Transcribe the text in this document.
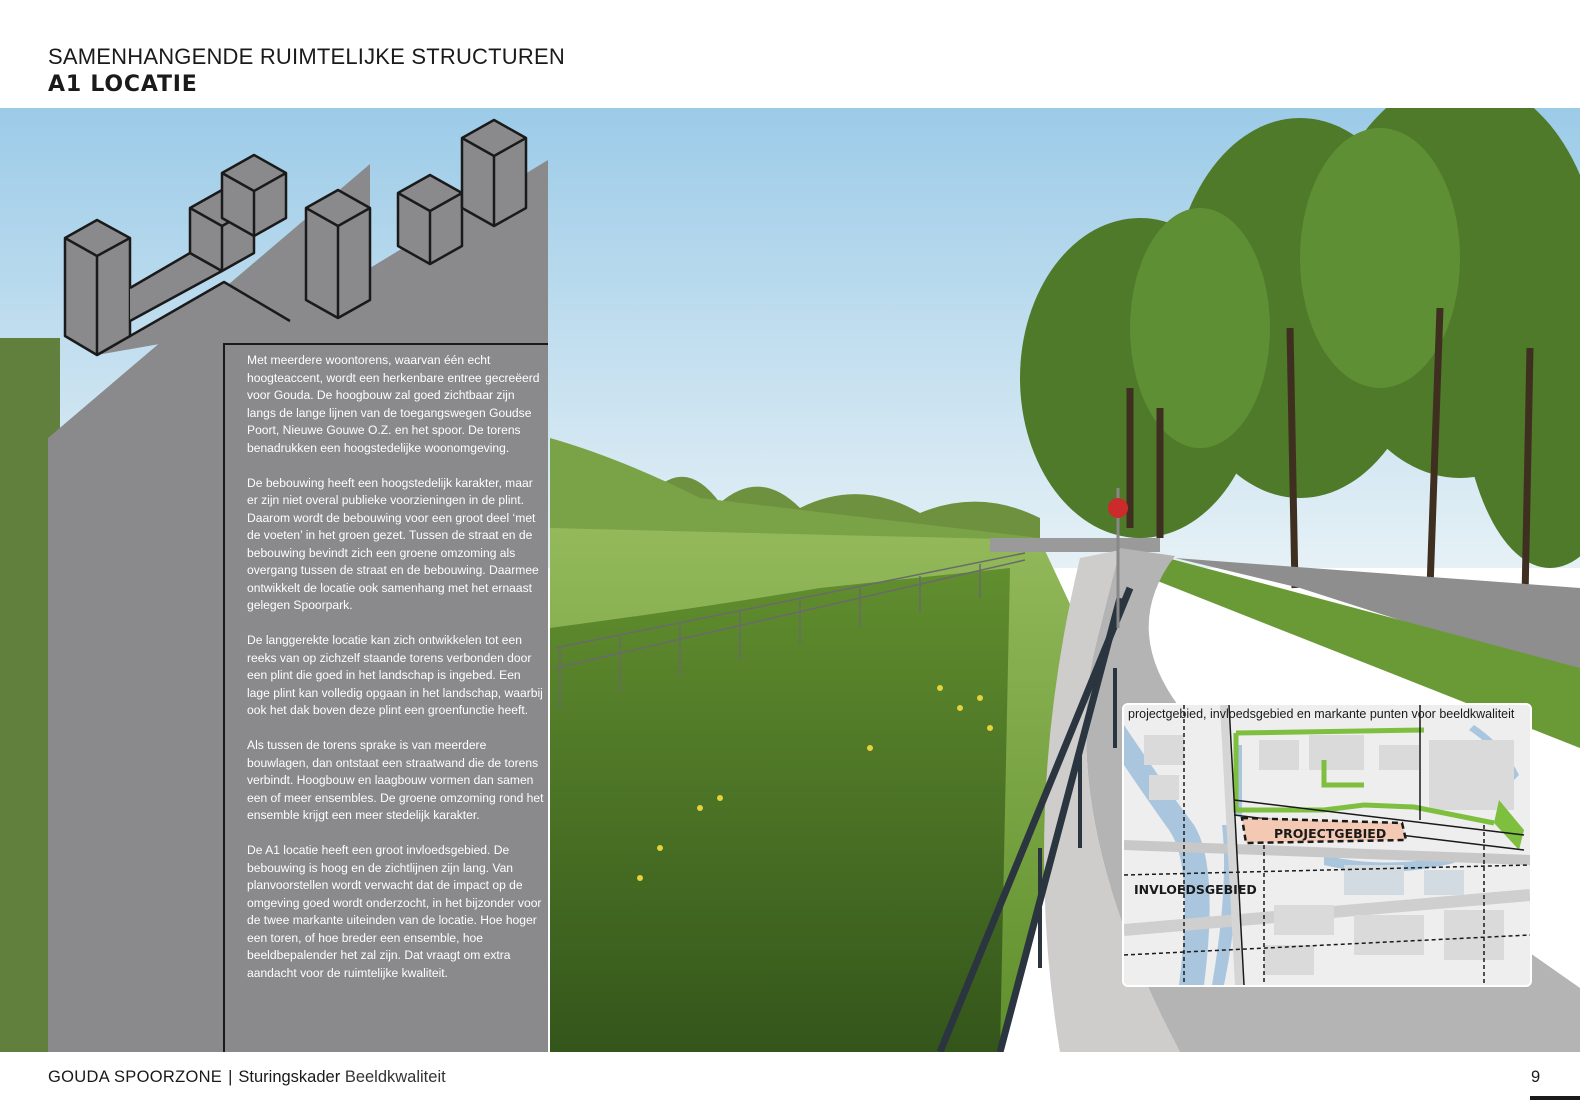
SAMENHANGENDE RUIMTELIJKE STRUCTUREN
A1 LOCATIE

Met meerdere woontorens, waarvan één echt hoogteaccent, wordt een herkenbare entree gecreëerd voor Gouda. De hoogbouw zal goed zichtbaar zijn langs de lange lijnen van de toegangswegen Goudse Poort, Nieuwe Gouwe O.Z. en het spoor. De torens benadrukken een hoogstedelijke woonomgeving.

De bebouwing heeft een hoogstedelijk karakter, maar er zijn niet overal publieke voorzieningen in de plint. Daarom wordt de bebouwing voor een groot deel ‘met de voeten’ in het groen gezet. Tussen de straat en de bebouwing bevindt zich een groene omzoming als overgang tussen de straat en de bebouwing. Daarmee ontwikkelt de locatie ook samenhang met het ernaast gelegen Spoorpark.

De langgerekte locatie kan zich ontwikkelen tot een reeks van op zichzelf staande torens verbonden door een plint die goed in het landschap is ingebed. Een lage plint kan volledig opgaan in het landschap, waarbij ook het dak boven deze plint een groenfunctie heeft.

Als tussen de torens sprake is van meerdere bouwlagen, dan ontstaat een straatwand die de torens verbindt. Hoogbouw en laagbouw vormen dan samen een of meer ensembles. De groene omzoming rond het ensemble krijgt een meer stedelijk karakter.

De A1 locatie heeft een groot invloedsgebied. De bebouwing is hoog en de zichtlijnen zijn lang. Van planvoorstellen wordt verwacht dat de impact op de omgeving goed wordt onderzocht, in het bijzonder voor de twee markante uiteinden van de locatie. Hoe hoger een toren, of hoe breder een ensemble, hoe beeldbepalender het zal zijn. Dat vraagt om extra aandacht voor de ruimtelijke kwaliteit.

projectgebied, invloedsgebied en markante punten voor beeldkwaliteit
PROJECTGEBIED
INVLOEDSGEBIED
GOUDA SPOORZONE | Sturingskader Beeldkwaliteit	9
